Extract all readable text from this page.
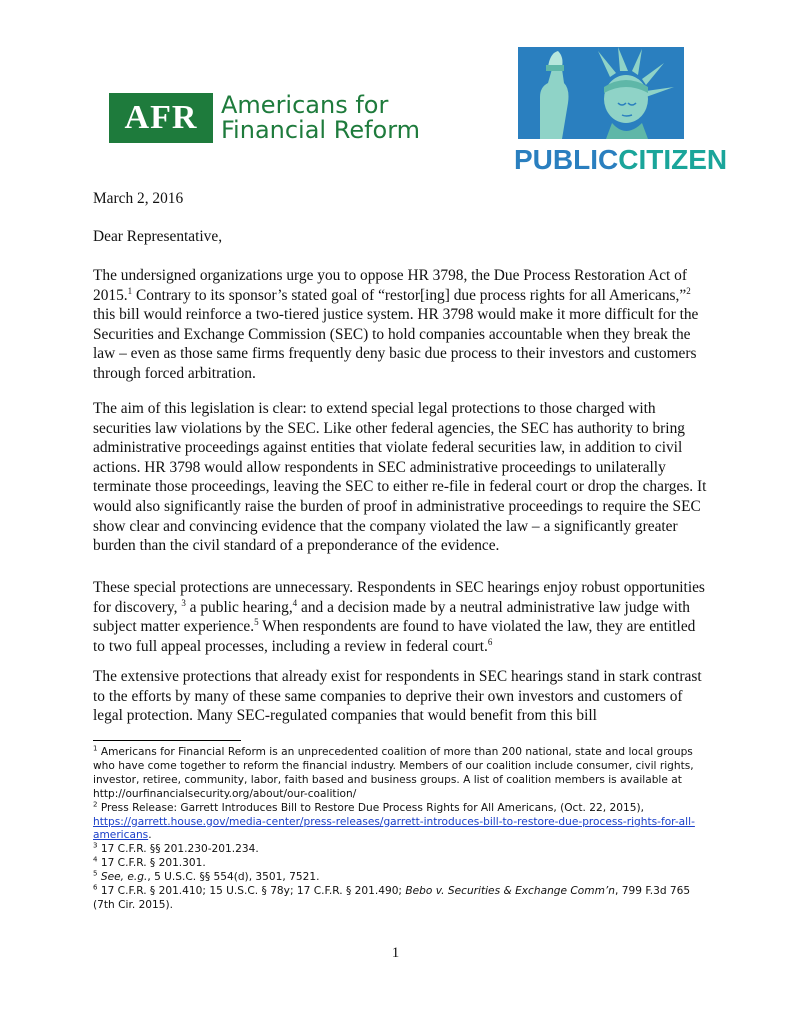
AFR Americans for
Financial Reform
PUBLICCITIZEN
March 2, 2016
Dear Representative,

The undersigned organizations urge you to oppose HR 3798, the Due Process Restoration Act of 2015.$^1$ Contrary to its sponsor’s stated goal of “restor[ing] due process rights for all Americans,”$^2$ this bill would reinforce a two-tiered justice system. HR 3798 would make it more difficult for the Securities and Exchange Commission (SEC) to hold companies accountable when they break the law – even as those same firms frequently deny basic due process to their investors and customers through forced arbitration.

The aim of this legislation is clear: to extend special legal protections to those charged with securities law violations by the SEC. Like other federal agencies, the SEC has authority to bring administrative proceedings against entities that violate federal securities law, in addition to civil actions. HR 3798 would allow respondents in SEC administrative proceedings to unilaterally terminate those proceedings, leaving the SEC to either re-file in federal court or drop the charges. It would also significantly raise the burden of proof in administrative proceedings to require the SEC show clear and convincing evidence that the company violated the law – a significantly greater burden than the civil standard of a preponderance of the evidence.

These special protections are unnecessary. Respondents in SEC hearings enjoy robust opportunities for discovery, $^3$ a public hearing,$^4$ and a decision made by a neutral administrative law judge with subject matter experience.$^5$ When respondents are found to have violated the law, they are entitled to two full appeal processes, including a review in federal court.$^6$

The extensive protections that already exist for respondents in SEC hearings stand in stark contrast to the efforts by many of these same companies to deprive their own investors and customers of legal protection. Many SEC-regulated companies that would benefit from this bill

$^1$ Americans for Financial Reform is an unprecedented coalition of more than 200 national, state and local groups who have come together to reform the financial industry. Members of our coalition include consumer, civil rights, investor, retiree, community, labor, faith based and business groups. A list of coalition members is available at http://ourfinancialsecurity.org/about/our-coalition/

$^2$ Press Release: Garrett Introduces Bill to Restore Due Process Rights for All Americans, (Oct. 22, 2015), https://garrett.house.gov/media-center/press-releases/garrett-introduces-bill-to-restore-due-process-rights-for-all-americans.

$^3$ 17 C.F.R. §§ 201.230-201.234.

$^4$ 17 C.F.R. § 201.301.

$^5$ See, e.g., 5 U.S.C. §§ 554(d), 3501, 7521.

$^6$ 17 C.F.R. § 201.410; 15 U.S.C. § 78y; 17 C.F.R. § 201.490; Bebo v. Securities & Exchange Comm’n, 799 F.3d 765 (7th Cir. 2015).

1
